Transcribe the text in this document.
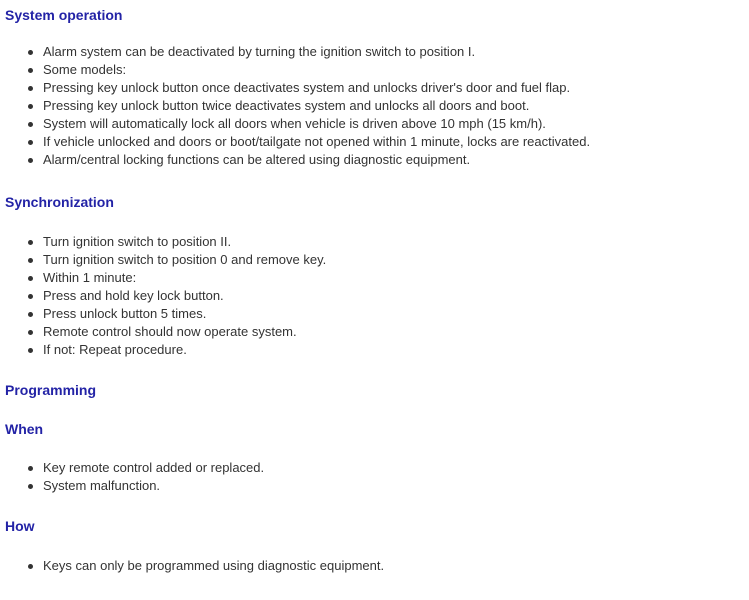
System operation
Alarm system can be deactivated by turning the ignition switch to position I.
Some models:
Pressing key unlock button once deactivates system and unlocks driver's door and fuel flap.
Pressing key unlock button twice deactivates system and unlocks all doors and boot.
System will automatically lock all doors when vehicle is driven above 10 mph (15 km/h).
If vehicle unlocked and doors or boot/tailgate not opened within 1 minute, locks are reactivated.
Alarm/central locking functions can be altered using diagnostic equipment.
Synchronization
Turn ignition switch to position II.
Turn ignition switch to position 0 and remove key.
Within 1 minute:
Press and hold key lock button.
Press unlock button 5 times.
Remote control should now operate system.
If not: Repeat procedure.
Programming
When
Key remote control added or replaced.
System malfunction.
How
Keys can only be programmed using diagnostic equipment.
